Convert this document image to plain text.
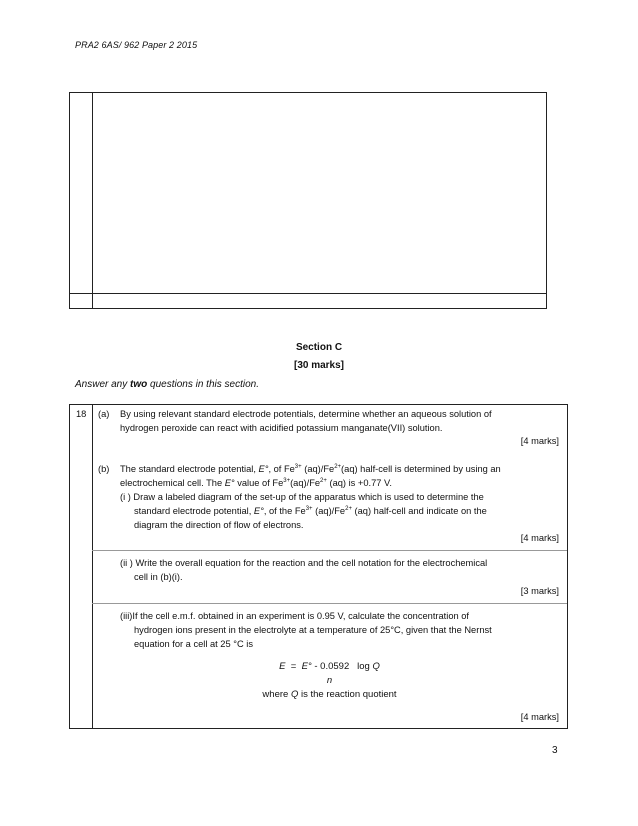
PRA2 6AS/ 962 Paper 2 2015
Section C
[30 marks]
Answer any two questions in this section.
18 (a) By using relevant standard electrode potentials, determine whether an aqueous solution of
hydrogen peroxide can react with acidified potassium manganate(VII) solution.
[4 marks]
(b) The standard electrode potential, E°, of $Fe^{3+}$ $(aq)/Fe^{2+}(aq)$ half-cell is determined by using an
electrochemical cell. The E° value of $Fe^{3+}(aq)/Fe^{2+}$ (aq) is +0.77 V.
(i ) Draw a labeled diagram of the set-up of the apparatus which is used to determine the
standard electrode potential, E°, of the $Fe^{3+}$ $(aq)/Fe^{2+}$ (aq) half-cell and indicate on the
diagram the direction of flow of electrons.
[4 marks]
(ii ) Write the overall equation for the reaction and the cell notation for the electrochemical
cell in (b)(i).
[3 marks]
(iii)If the cell e.m.f. obtained in an experiment is 0.95 V, calculate the concentration of
hydrogen ions present in the electrolyte at a temperature of 25°C, given that the Nernst
equation for a cell at 25 °C is
E  =  E° - 0.0592   log Q
n
where Q is the reaction quotient
[4 marks]
3
